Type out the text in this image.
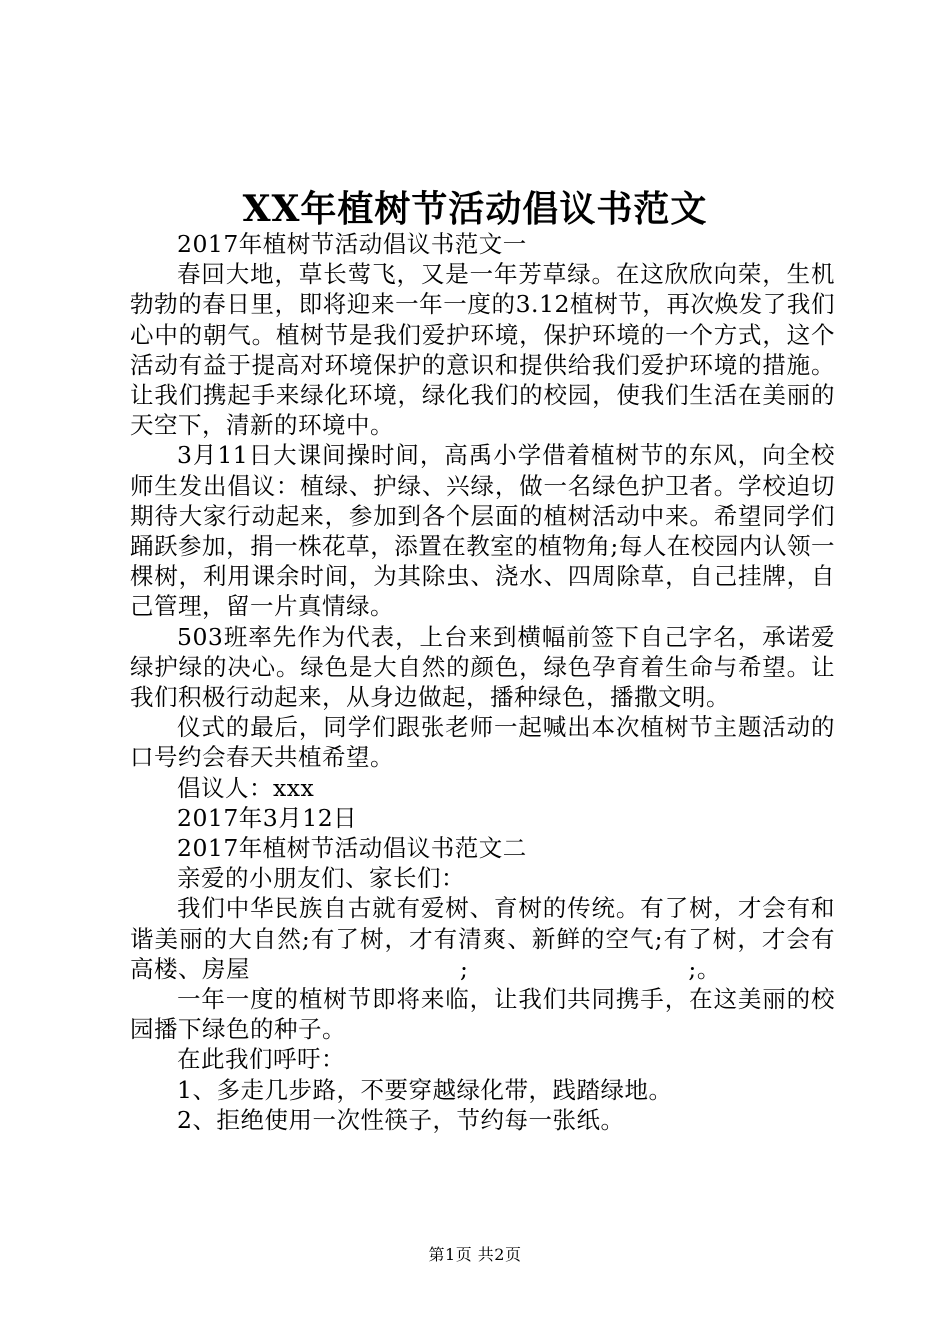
XX年植树节活动倡议书范文

2017年植树节活动倡议书范文一

春回大地，草长莺飞，又是一年芳草绿。在这欣欣向荣，生机勃勃的春日里，即将迎来一年一度的3.12植树节，再次焕发了我们心中的朝气。植树节是我们爱护环境，保护环境的一个方式，这个活动有益于提高对环境保护的意识和提供给我们爱护环境的措施。让我们携起手来绿化环境，绿化我们的校园，使我们生活在美丽的天空下，清新的环境中。

3月11日大课间操时间，高禹小学借着植树节的东风，向全校师生发出倡议：植绿、护绿、兴绿，做一名绿色护卫者。学校迫切期待大家行动起来，参加到各个层面的植树活动中来。希望同学们踊跃参加，捐一株花草，添置在教室的植物角;每人在校园内认领一棵树，利用课余时间，为其除虫、浇水、四周除草，自己挂牌，自己管理，留一片真情绿。

503班率先作为代表，上台来到横幅前签下自己字名，承诺爱绿护绿的决心。绿色是大自然的颜色，绿色孕育着生命与希望。让我们积极行动起来，从身边做起，播种绿色，播撒文明。

仪式的最后，同学们跟张老师一起喊出本次植树节主题活动的口号约会春天共植希望。

倡议人：xxx

2017年3月12日

2017年植树节活动倡议书范文二

亲爱的小朋友们、家长们：

我们中华民族自古就有爱树、育树的传统。有了树，才会有和谐美丽的大自然;有了树，才有清爽、新鲜的空气;有了树，才会有高楼、房屋	;	;。

一年一度的植树节即将来临，让我们共同携手，在这美丽的校园播下绿色的种子。

在此我们呼吁：

1、多走几步路，不要穿越绿化带，践踏绿地。

2、拒绝使用一次性筷子，节约每一张纸。

第1页 共2页
